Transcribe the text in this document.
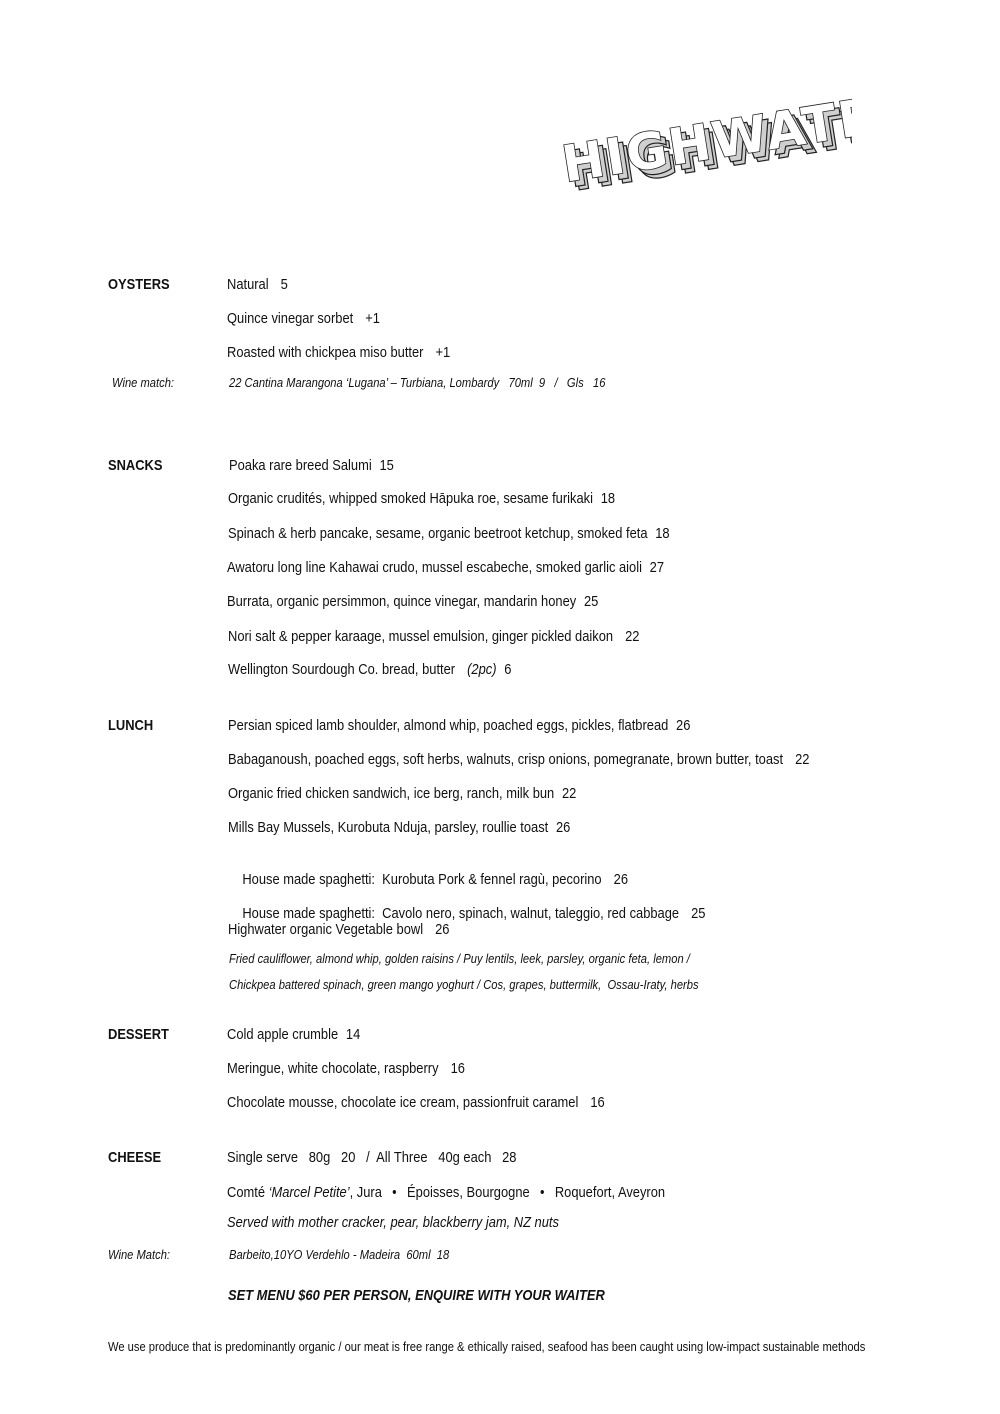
HIGHWATER
HIGHWATER
HIGHWATER
OYSTERS	Natural 5
Quince vinegar sorbet +1
Roasted with chickpea miso butter +1
Wine match:	22 Cantina Marangona ‘Lugana’ – Turbiana, Lombardy   70ml  9   /   Gls   16
SNACKS	Poaka rare breed Salumi 15
Organic crudités, whipped smoked Hāpuka roe, sesame furikaki 18
Spinach & herb pancake, sesame, organic beetroot ketchup, smoked feta 18
Awatoru long line Kahawai crudo, mussel escabeche, smoked garlic aioli 27
Burrata, organic persimmon, quince vinegar, mandarin honey 25
Nori salt & pepper karaage, mussel emulsion, ginger pickled daikon 22
Wellington Sourdough Co. bread, butter (2pc) 6
LUNCH	Persian spiced lamb shoulder, almond whip, poached eggs, pickles, flatbread 26
Babaganoush, poached eggs, soft herbs, walnuts, crisp onions, pomegranate, brown butter, toast 22
Organic fried chicken sandwich, ice berg, ranch, milk bun 22
Mills Bay Mussels, Kurobuta Nduja, parsley, roullie toast 26

House made spaghetti:  Kurobuta Pork & fennel ragù, pecorino 26

House made spaghetti:  Cavolo nero, spinach, walnut, taleggio, red cabbage 25

Highwater organic Vegetable bowl 26
Fried cauliflower, almond whip, golden raisins / Puy lentils, leek, parsley, organic feta, lemon /
Chickpea battered spinach, green mango yoghurt / Cos, grapes, buttermilk,  Ossau-Iraty, herbs
DESSERT	Cold apple crumble 14
Meringue, white chocolate, raspberry 16
Chocolate mousse, chocolate ice cream, passionfruit caramel 16
CHEESE	Single serve   80g   20   /  All Three   40g each   28
Comté ‘Marcel Petite’, Jura • Époisses, Bourgogne • Roquefort, Aveyron
Served with mother cracker, pear, blackberry jam, NZ nuts
Wine Match:	Barbeito,10YO Verdehlo - Madeira  60ml  18
SET MENU $60 PER PERSON, ENQUIRE WITH YOUR WAITER
We use produce that is predominantly organic / our meat is free range & ethically raised, seafood has been caught using low-impact sustainable methods
